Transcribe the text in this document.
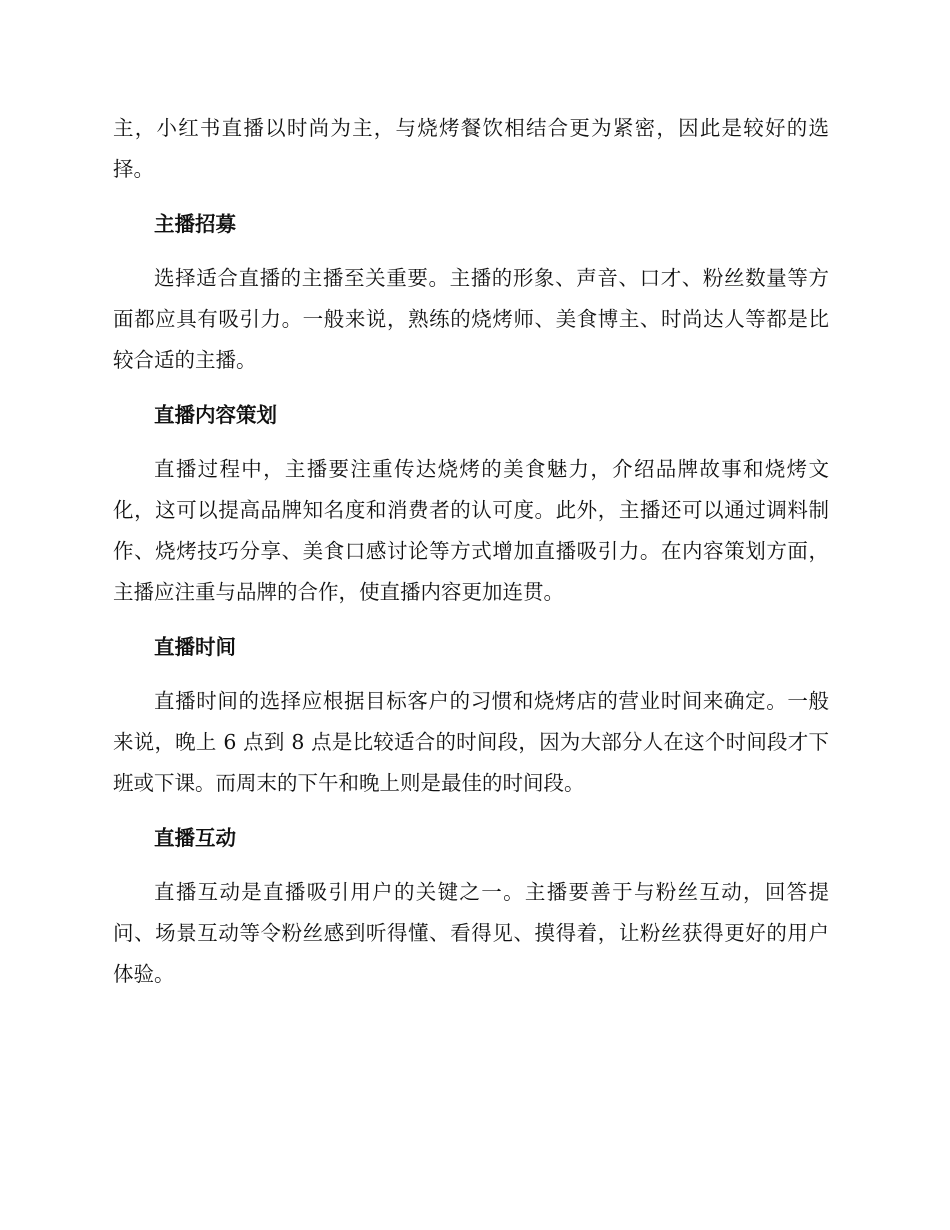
主，小红书直播以时尚为主，与烧烤餐饮相结合更为紧密，因此是较好的选择。

主播招募

选择适合直播的主播至关重要。主播的形象、声音、口才、粉丝数量等方面都应具有吸引力。一般来说，熟练的烧烤师、美食博主、时尚达人等都是比较合适的主播。

直播内容策划

直播过程中，主播要注重传达烧烤的美食魅力，介绍品牌故事和烧烤文化，这可以提高品牌知名度和消费者的认可度。此外，主播还可以通过调料制作、烧烤技巧分享、美食口感讨论等方式增加直播吸引力。在内容策划方面，主播应注重与品牌的合作，使直播内容更加连贯。

直播时间

直播时间的选择应根据目标客户的习惯和烧烤店的营业时间来确定。一般来说，晚上 6 点到 8 点是比较适合的时间段，因为大部分人在这个时间段才下班或下课。而周末的下午和晚上则是最佳的时间段。

直播互动

直播互动是直播吸引用户的关键之一。主播要善于与粉丝互动，回答提问、场景互动等令粉丝感到听得懂、看得见、摸得着，让粉丝获得更好的用户体验。
